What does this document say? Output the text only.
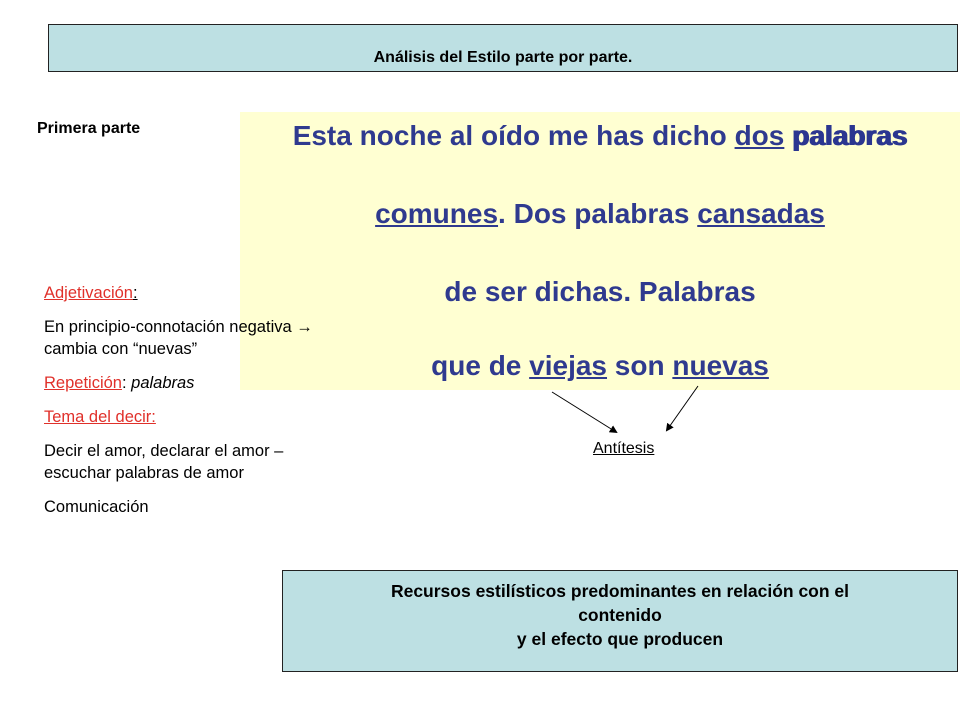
Análisis del Estilo parte por parte.
Primera parte	Esta noche al oído me has dicho dos palabras
comunes. Dos palabras cansadas
de ser dichas. Palabras
que de viejas son nuevas

Adjetivación:

En principio-connotación negativa → cambia con “nuevas”

Repetición: palabras

Tema del decir:

Decir el amor, declarar el amor – escuchar palabras de amor

Comunicación

Antítesis
Recursos estilísticos predominantes en relación con el
contenido
y el efecto que producen
